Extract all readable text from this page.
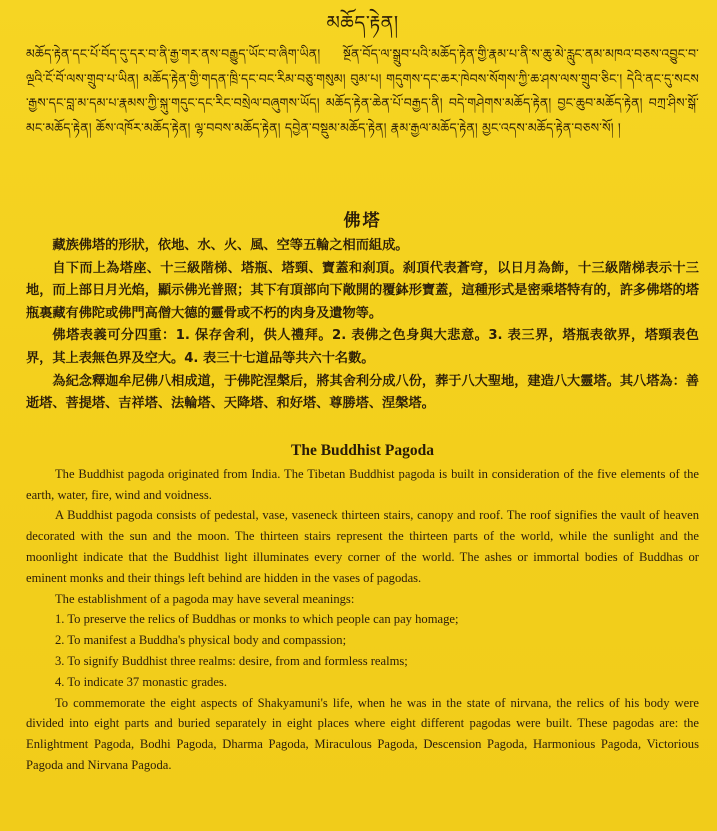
མཆོད་རྟེན།
མཆོད་རྟེན་དང་པོ་བོད་དུ་དར་བ་ནི་རྒྱ་གར་ནས་བརྒྱུད་ཡོང་བ་ཞིག་ཡིན། སྔོན་བོད་ལ་སྒྲུབ་པའི་མཆོད་རྟེན་གྱི་རྣམ་པ་ནི་ས་ཆུ་མེ་རླུང་ནམ་མཁའ་བཅས་འབྱུང་བ་ལྔའི་ངོ་བོ་ལས་གྲུབ་པ་ཡིན། མཆོད་རྟེན་གྱི་གདན་ཁྲི་དང་བང་རིམ་བཅུ་གསུམ། བུམ་པ། གདུགས་དང་ཆར་ཁེབས་སོགས་ཀྱི་ཆ་ཤས་ལས་གྲུབ་ཅིང་། དེའི་ནང་དུ་སངས་རྒྱས་དང་བླ་མ་དམ་པ་རྣམས་ཀྱི་སྐུ་གདུང་དང་རིང་བསྲེལ་བཞུགས་ཡོད། མཆོད་རྟེན་ཆེན་པོ་བརྒྱད་ནི། བདེ་གཤེགས་མཆོད་རྟེན། བྱང་ཆུབ་མཆོད་རྟེན། བཀྲ་ཤིས་སྒོ་མང་མཆོད་རྟེན། ཆོས་འཁོར་མཆོད་རྟེན། ལྷ་བབས་མཆོད་རྟེན། དབྱེན་བསྡུམ་མཆོད་རྟེན། རྣམ་རྒྱལ་མཆོད་རྟེན། མྱང་འདས་མཆོད་རྟེན་བཅས་སོ། །
佛塔

藏族佛塔的形狀，依地、水、火、風、空等五輪之相而組成。

自下而上為塔座、十三級階梯、塔瓶、塔頸、寶蓋和刹頂。刹頂代表蒼穹，以日月為飾，十三級階梯表示十三地，而上部日月光焰，顯示佛光普照；其下有頂部向下敞開的覆鉢形寶蓋，這種形式是密乘塔特有的，許多佛塔的塔瓶裏藏有佛陀或佛門高僧大德的靈骨或不朽的肉身及遺物等。

佛塔表義可分四重：1. 保存舍利，供人禮拜。2. 表佛之色身與大悲意。3. 表三界，塔瓶表欲界，塔頸表色界，其上表無色界及空大。4. 表三十七道品等共六十名數。

為紀念釋迦牟尼佛八相成道，于佛陀涅槃后，將其舍利分成八份，葬于八大聖地，建造八大靈塔。其八塔為：善逝塔、菩提塔、吉祥塔、法輪塔、天降塔、和好塔、尊勝塔、涅槃塔。

The Buddhist Pagoda

The Buddhist pagoda originated from India. The Tibetan Buddhist pagoda is built in consideration of the five elements of the earth, water, fire, wind and voidness.

A Buddhist pagoda consists of pedestal, vase, vaseneck thirteen stairs, canopy and roof. The roof signifies the vault of heaven decorated with the sun and the moon. The thirteen stairs represent the thirteen parts of the world, while the sunlight and the moonlight indicate that the Buddhist light illuminates every corner of the world. The ashes or immortal bodies of Buddhas or eminent monks and their things left behind are hidden in the vases of pagodas.

The establishment of a pagoda may have several meanings:

1. To preserve the relics of Buddhas or monks to which people can pay homage;

2. To manifest a Buddha's physical body and compassion;

3. To signify Buddhist three realms: desire, from and formless realms;

4. To indicate 37 monastic grades.

To commemorate the eight aspects of Shakyamuni's life, when he was in the state of nirvana, the relics of his body were divided into eight parts and buried separately in eight places where eight different pagodas were built. These pagodas are: the Enlightment Pagoda, Bodhi Pagoda, Dharma Pagoda, Miraculous Pagoda, Descension Pagoda, Harmonious Pagoda, Victorious Pagoda and Nirvana Pagoda.
